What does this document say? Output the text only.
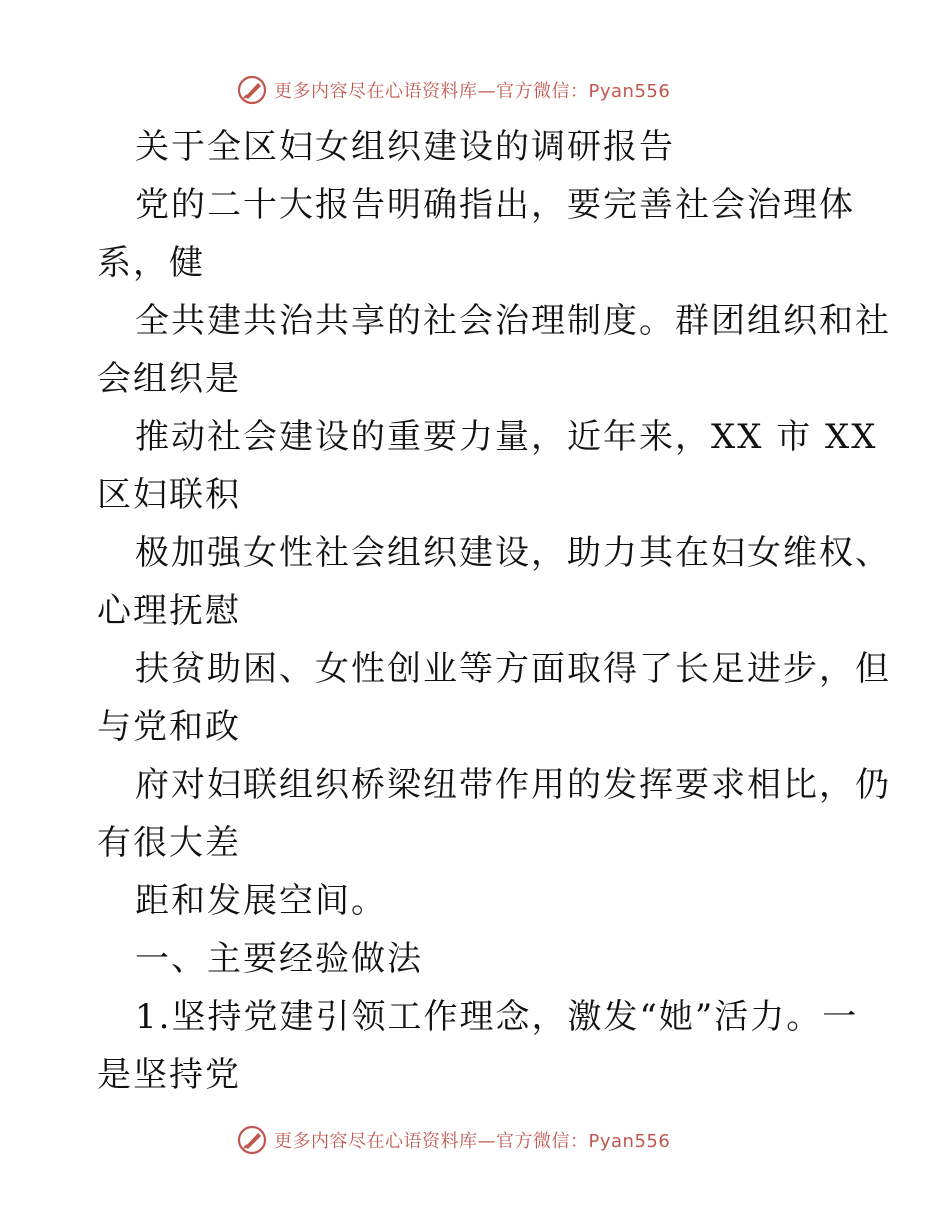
更多内容尽在心语资料库—官方微信：Pyan556
关于全区妇女组织建设的调研报告
党的二十大报告明确指出，要完善社会治理体
系，健
全共建共治共享的社会治理制度。群团组织和社
会组织是
推动社会建设的重要力量，近年来，XX 市 XX
区妇联积
极加强女性社会组织建设，助力其在妇女维权、
心理抚慰
扶贫助困、女性创业等方面取得了长足进步，但
与党和政
府对妇联组织桥梁纽带作用的发挥要求相比，仍
有很大差
距和发展空间。
一、主要经验做法
1.坚持党建引领工作理念，激发“她”活力。一
是坚持党
更多内容尽在心语资料库—官方微信：Pyan556
